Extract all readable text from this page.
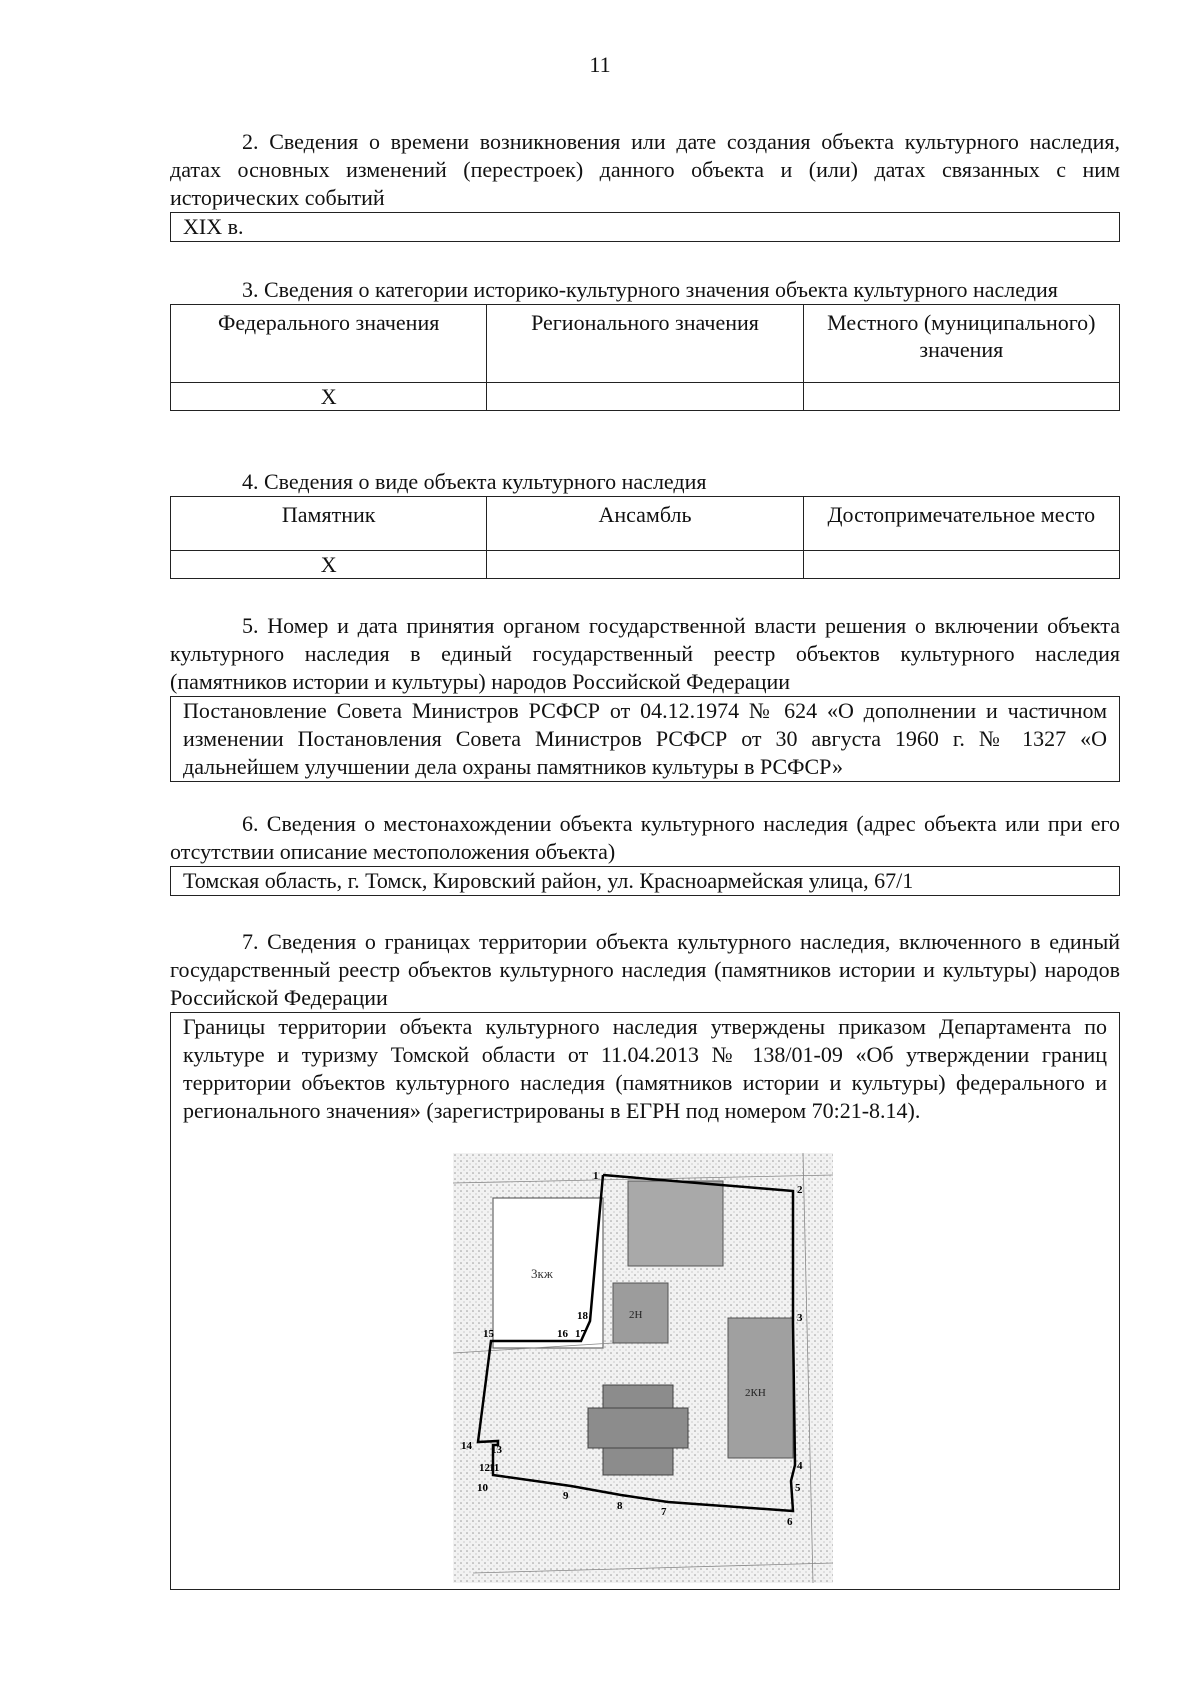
11

2. Сведения о времени возникновения или дате создания объекта культурного наследия, датах основных изменений (перестроек) данного объекта и (или) датах связанных с ним исторических событий

XIX в.

3. Сведения о категории историко-культурного значения объекта культурного наследия

Федерального значения	Регионального значения	Местного (муниципального) значения
X		

4. Сведения о виде объекта культурного наследия

Памятник	Ансамбль	Достопримечательное место
X		

5. Номер и дата принятия органом государственной власти решения о включении объекта культурного наследия в единый государственный реестр объектов культурного наследия (памятников истории и культуры) народов Российской Федерации

Постановление Совета Министров РСФСР от 04.12.1974 № 624 «О дополнении и частичном изменении Постановления Совета Министров РСФСР от 30 августа 1960 г. № 1327 «О дальнейшем улучшении дела охраны памятников культуры в РСФСР»

6. Сведения о местонахождении объекта культурного наследия (адрес объекта или при его отсутствии описание местоположения объекта)

Томская область, г. Томск, Кировский район, ул. Красноармейская улица, 67/1

7. Сведения о границах территории объекта культурного наследия, включенного в единый государственный реестр объектов культурного наследия (памятников истории и культуры) народов Российской Федерации

Границы территории объекта культурного наследия утверждены приказом Департамента по культуре и туризму Томской области от 11.04.2013 № 138/01-09 «Об утверждении границ территории объектов культурного наследия (памятников истории и культуры) федерального и регионального значения» (зарегистрированы в ЕГРН под номером 70:21-8.14).
3кж
2Н
2КН
1
2
3
4
5
6
7
8
9
10
11
12
13
14
15	16 17
18
